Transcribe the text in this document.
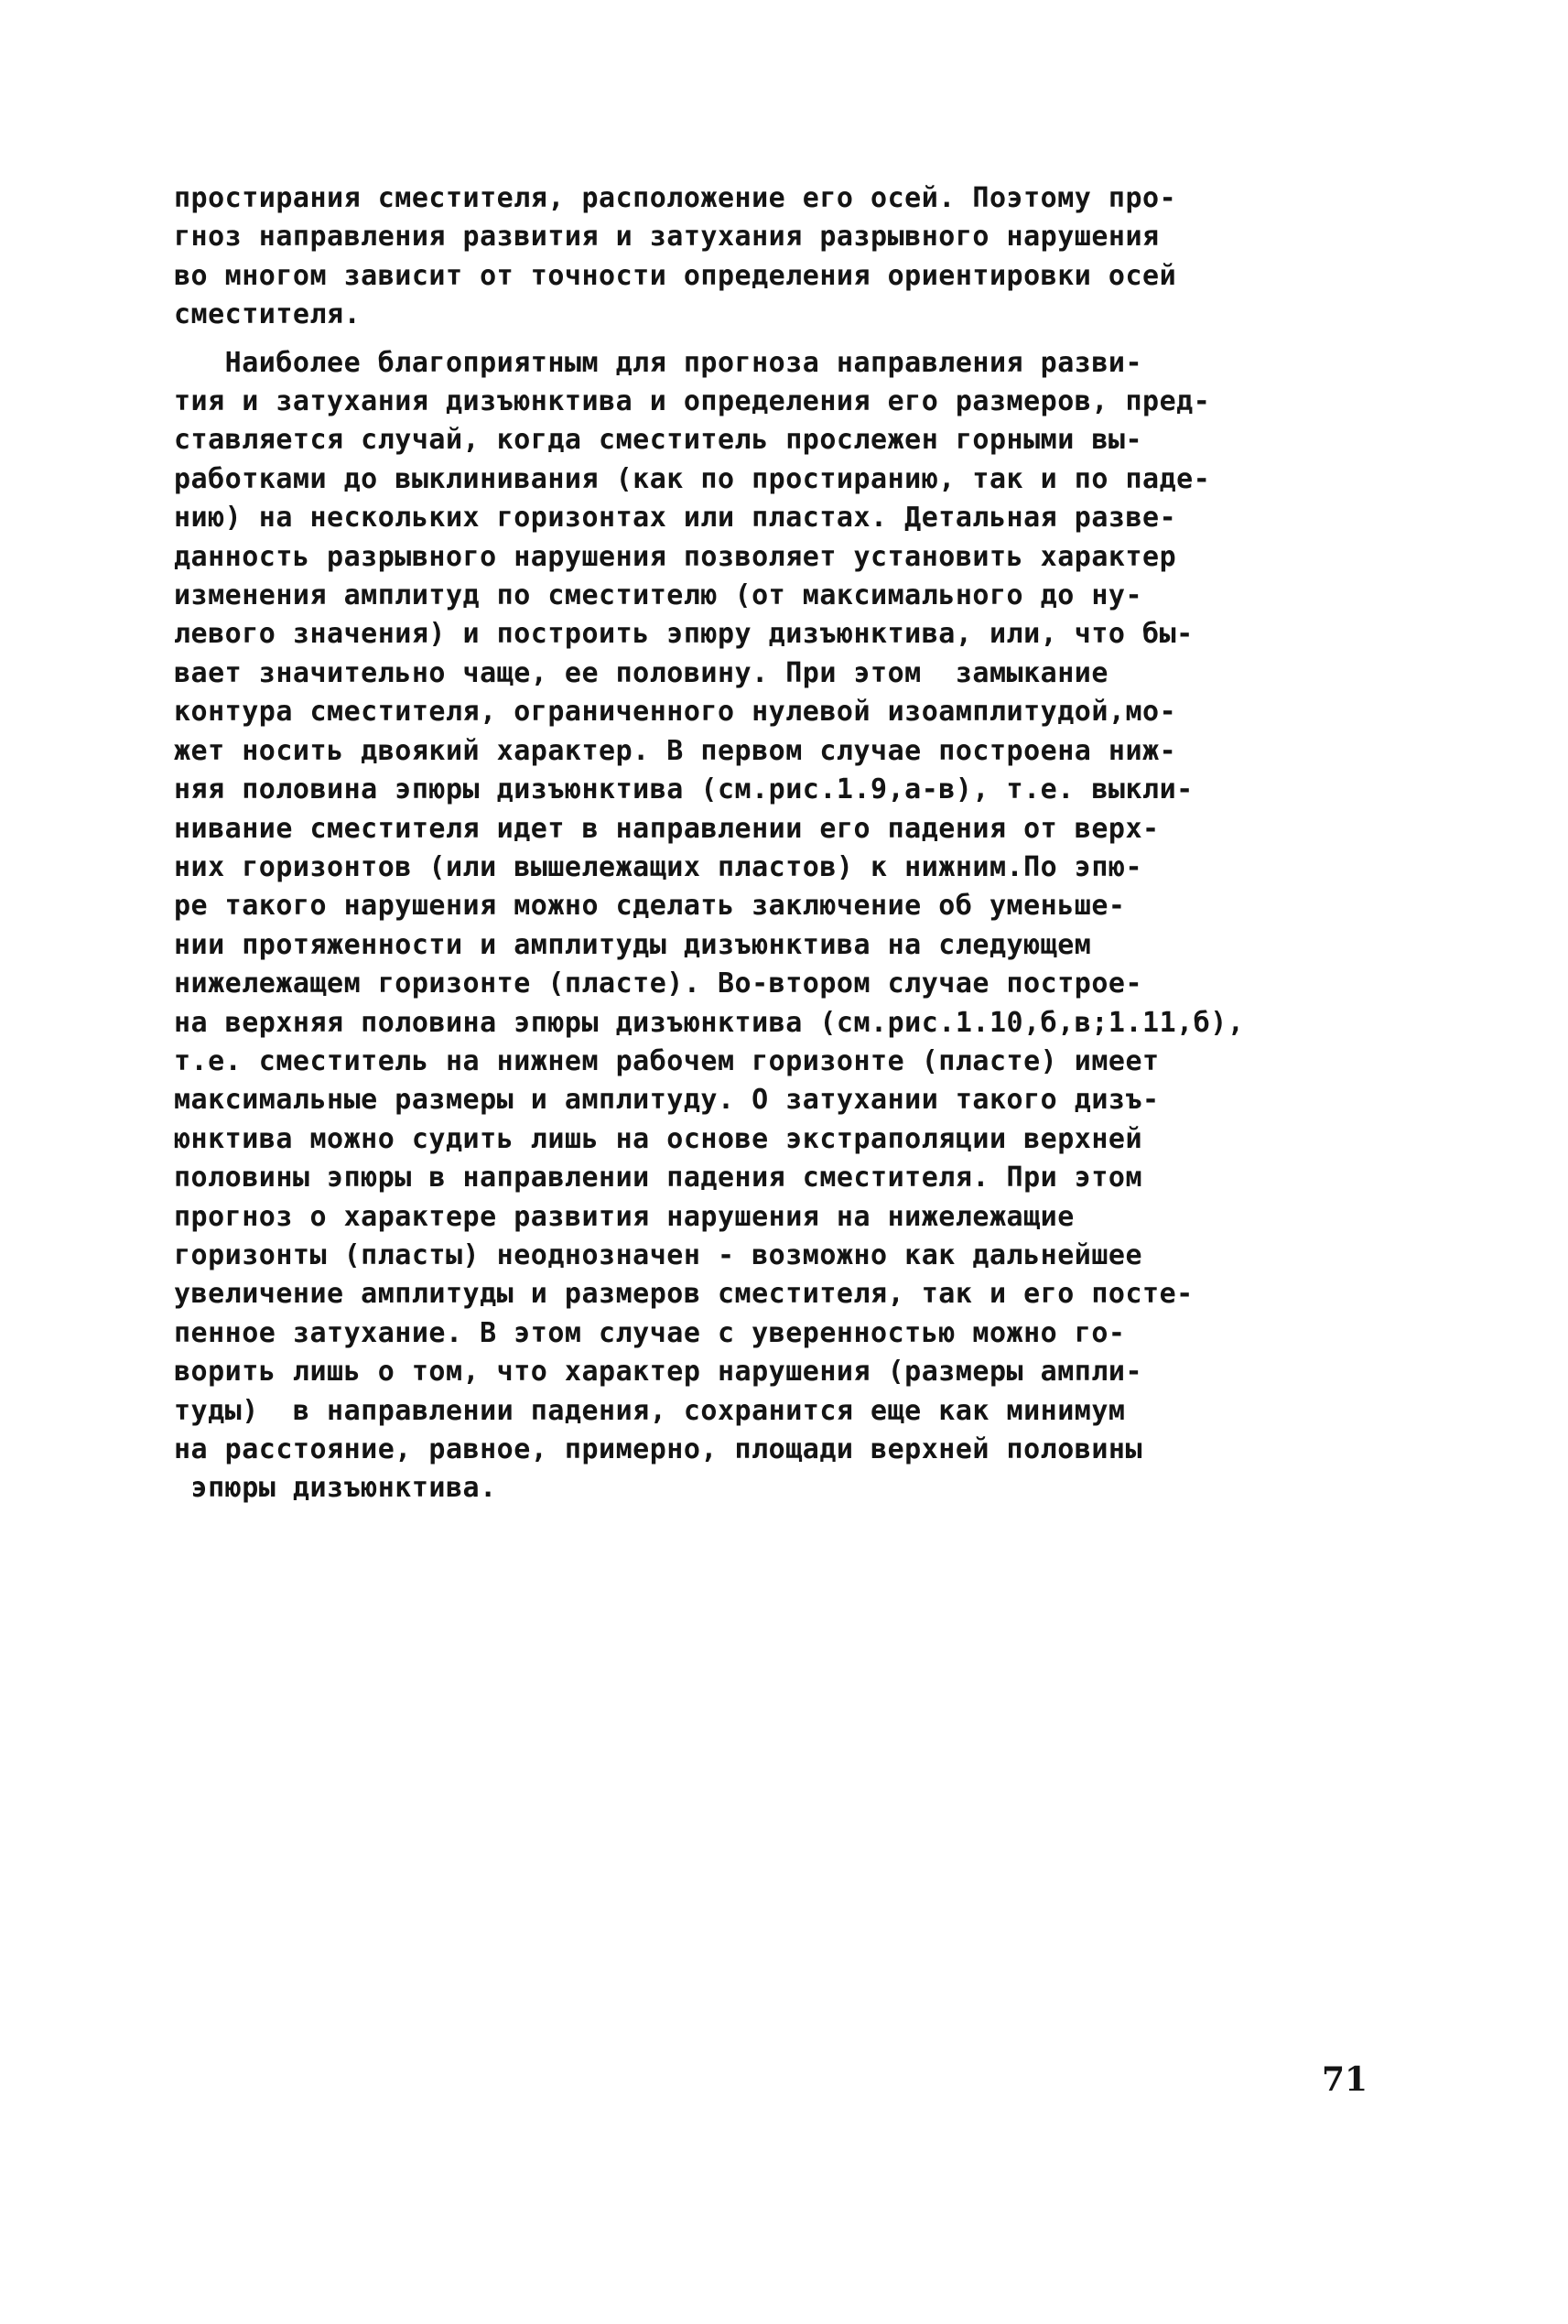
простирания сместителя, расположение его осей. Поэтому про-
гноз направления развития и затухания разрывного нарушения
во многом зависит от точности определения ориентировки осей
сместителя.
Наиболее благоприятным для прогноза направления разви-
тия и затухания дизъюнктива и определения его размеров, пред-
ставляется случай, когда сместитель прослежен горными вы-
работками до выклинивания (как по простиранию, так и по паде-
нию) на нескольких горизонтах или пластах. Детальная разве-
данность разрывного нарушения позволяет установить характер
изменения амплитуд по сместителю (от максимального до ну-
левого значения) и построить эпюру дизъюнктива, или, что бы-
вает значительно чаще, ее половину. При этом  замыкание
контура сместителя, ограниченного нулевой изоамплитудой,мо-
жет носить двоякий характер. В первом случае построена ниж-
няя половина эпюры дизъюнктива (см.рис.1.9,а-в), т.е. выкли-
нивание сместителя идет в направлении его падения от верх-
них горизонтов (или вышележащих пластов) к нижним.По эпю-
ре такого нарушения можно сделать заключение об уменьше-
нии протяженности и амплитуды дизъюнктива на следующем
нижележащем горизонте (пласте). Во-втором случае построе-
на верхняя половина эпюры дизъюнктива (см.рис.1.10,б,в;1.11,б),
т.е. сместитель на нижнем рабочем горизонте (пласте) имеет
максимальные размеры и амплитуду. О затухании такого дизъ-
юнктива можно судить лишь на основе экстраполяции верхней
половины эпюры в направлении падения сместителя. При этом
прогноз о характере развития нарушения на нижележащие
горизонты (пласты) неоднозначен - возможно как дальнейшее
увеличение амплитуды и размеров сместителя, так и его посте-
пенное затухание. В этом случае с уверенностью можно го-
ворить лишь о том, что характер нарушения (размеры ампли-
туды)  в направлении падения, сохранится еще как минимум
на расстояние, равное, примерно, площади верхней половины
эпюры дизъюнктива.
71
